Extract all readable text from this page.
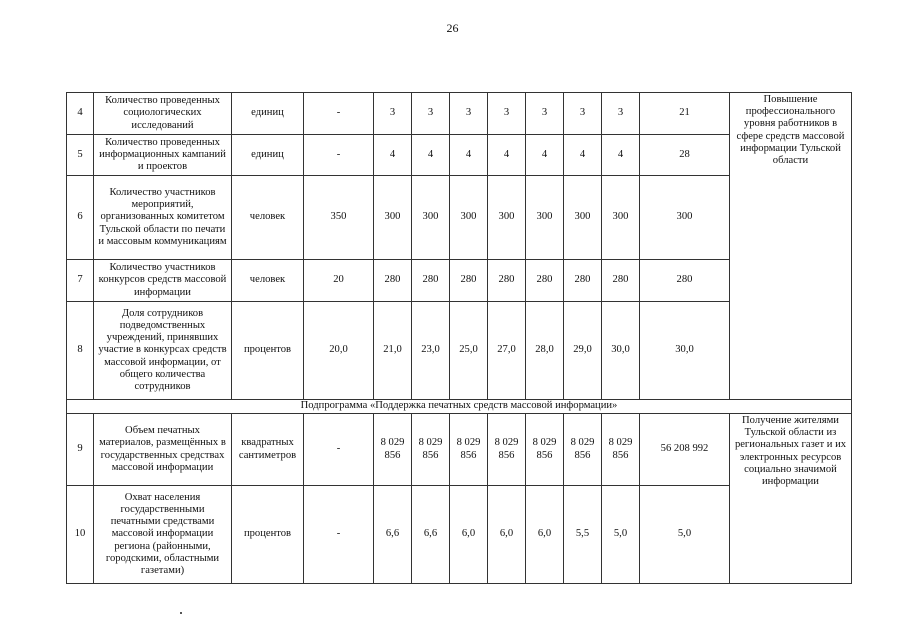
26
4	Количество проведенных социологических исследований	единиц	-	3	3	3	3	3	3	3	21	Повышение профессионального уровня работников в сфере средств массовой информации Тульской области
5	Количество проведенных информационных кампаний и проектов	единиц	-	4	4	4	4	4	4	4	28	
6	Количество участников мероприятий, организованных комитетом Тульской области по печати и массовым коммуникациям	человек	350	300	300	300	300	300	300	300	300	
7	Количество участников конкурсов средств массовой информации	человек	20	280	280	280	280	280	280	280	280	
8	Доля сотрудников подведомственных учреждений, принявших участие в конкурсах средств массовой информации, от общего количества сотрудников	процентов	20,0	21,0	23,0	25,0	27,0	28,0	29,0	30,0	30,0	
Подпрограмма «Поддержка печатных средств массовой информации»												
9	Объем печатных материалов, размещённых в государственных средствах массовой информации	квадратных сантиметров	-	8 029 856	8 029 856	8 029 856	8 029 856	8 029 856	8 029 856	8 029 856	56 208 992	Получение жителями Тульской области из региональных газет и их электронных ресурсов социально значимой информации
10	Охват населения государственными печатными средствами массовой информации региона (районными, городскими, областными газетами)	процентов	-	6,6	6,6	6,0	6,0	6,0	5,5	5,0	5,0	
